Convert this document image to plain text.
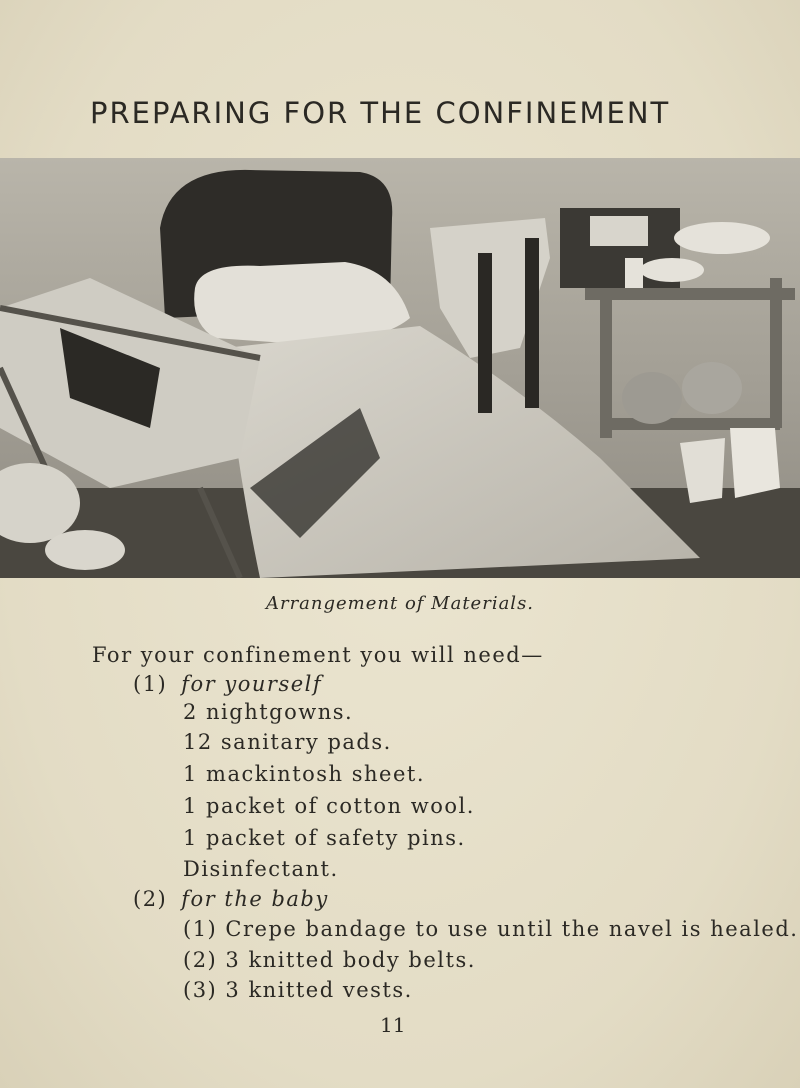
PREPARING FOR THE CONFINEMENT
Arrangement of Materials.

For your confinement you will need—

(1) for yourself

2 nightgowns.

12 sanitary pads.

1 mackintosh sheet.

1 packet of cotton wool.

1 packet of safety pins.

Disinfectant.

(2) for the baby

(1) Crepe bandage to use until the navel is healed.

(2) 3 knitted body belts.

(3) 3 knitted vests.

11
